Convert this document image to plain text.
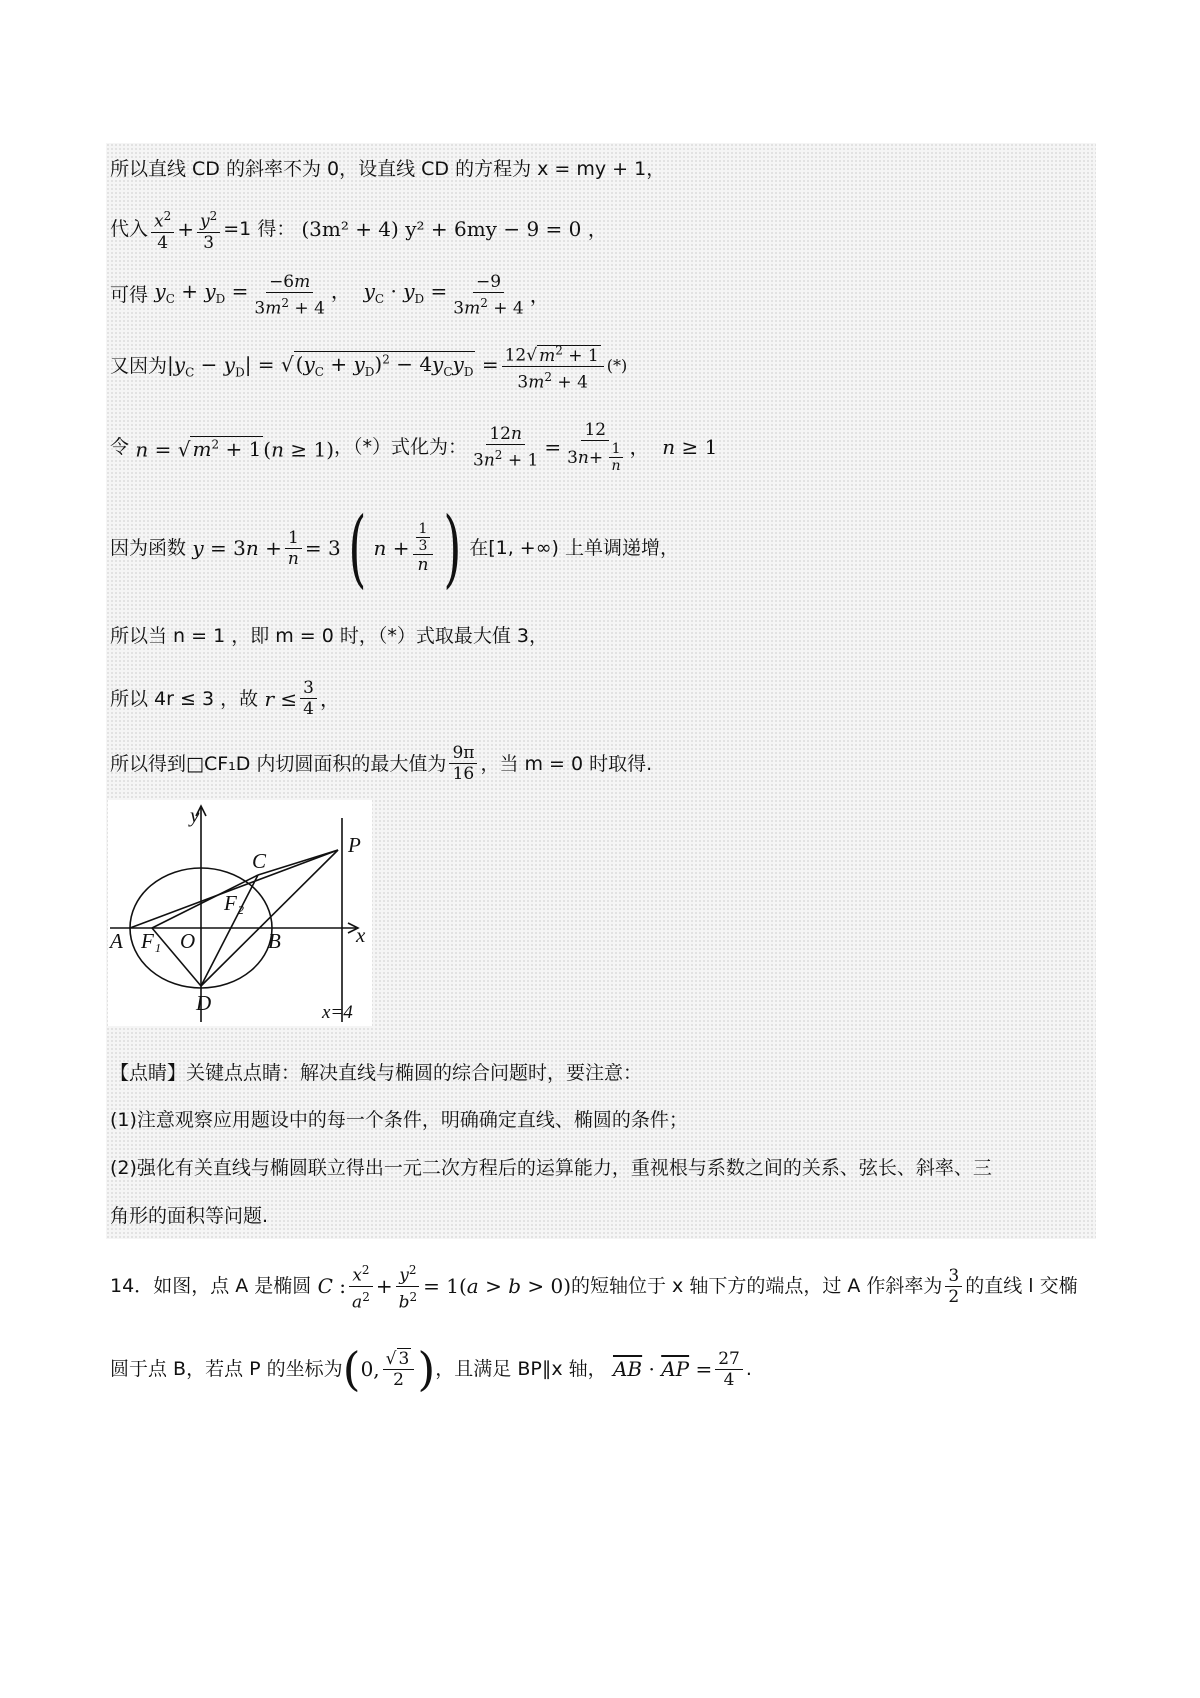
所以直线 CD 的斜率不为 0，设直线 CD 的方程为 x = my + 1，
代入 $\frac{x^2}{4} + \frac{y^2}{3} =1$ 得： (3m² + 4) y² + 6my − 9 = 0 ，
可得 $y_C + y_D = \frac{-6m}{3m^2 + 4}$ ，  $y_C \cdot y_D = \frac{-9}{3m^2 + 4}$ ，
又因为 $|y_C - y_D|$ = √ $(y_C + y_D)^2 - 4y_Cy_D = \frac{12√ m^2 + 1}{3m^2 + 4}$ (*)
令 n = √ $m^2 + 1$ (n ≥ 1) ，（*）式化为： $\frac{12n}{3n^2 + 1} = \frac{12}{3 n + \frac{1}{n}}$ ，  n ≥ 1
因为函数 $y = 3n + \frac{1}{n} = 3$ ( $n + \frac{\frac{1}{3}}{n}$ ) 在[1, +∞) 上单调递增，
所以当 n = 1 ，即 m = 0 时，（*）式取最大值 3，
所以 4r ≤ 3 ，故 $r \le \frac{3}{4}$ ，
所以得到□CF₁D 内切圆面积的最大值为 $\frac{9\pi}{16}$ ，当 m = 0 时取得.
y
x
A F₁ O	B
F₂
C
D
P
x=4
【点睛】关键点点睛：解决直线与椭圆的综合问题时，要注意：
(1)注意观察应用题设中的每一个条件，明确确定直线、椭圆的条件；
(2)强化有关直线与椭圆联立得出一元二次方程后的运算能力，重视根与系数之间的关系、弦长、斜率、三
角形的面积等问题.
14． 如图，点 A 是椭圆 C : $\frac{x^2}{a^2} + \frac{y^2}{b^2} = 1(a > b > 0)$ 的短轴位于 x 轴下方的端点，过 A 作斜率为 $\frac{3}{2}$ 的直线 l 交椭
圆于点 B，若点 P 的坐标为 ( 0, $\frac{√ 3}{2}$ ) ，且满足 BP∥x 轴， $\overline{AB} \cdot \overline{AP} = \frac{27}{4}$ .
